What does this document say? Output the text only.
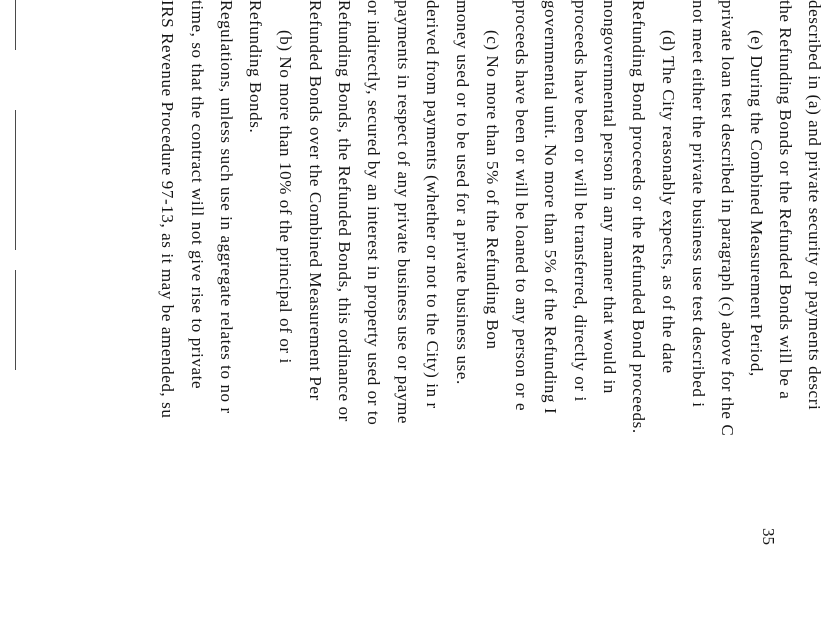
IRS Revenue Procedure 97-13, as it may be amended, su time, so that the contract will not give rise to private Regulations, unless such use in aggregate relates to no r Refunding Bonds. (b) No more than 10% of the principal of or i Refunded Bonds over the Combined Measurement Per Refunding Bonds, the Refunded Bonds, this ordinance or or indirectly, secured by an interest in property used or to payments in respect of any private business use or payme derived from payments (whether or not to the City) in r money used or to be used for a private business use. (c) No more than 5% of the Refunding Bon proceeds have been or will be loaned to any person or e governmental unit. No more than 5% of the Refunding I proceeds have been or will be transferred, directly or i nongovernmental person in any manner that would in Refunding Bond proceeds or the Refunded Bond proceeds. (d) The City reasonably expects, as of the date not meet either the private business use test described i private loan test described in paragraph (c) above for the C (e) During the Combined Measurement Period, the Refunding Bonds or the Refunded Bonds will be a described in (a) and private security or payments descri
35
